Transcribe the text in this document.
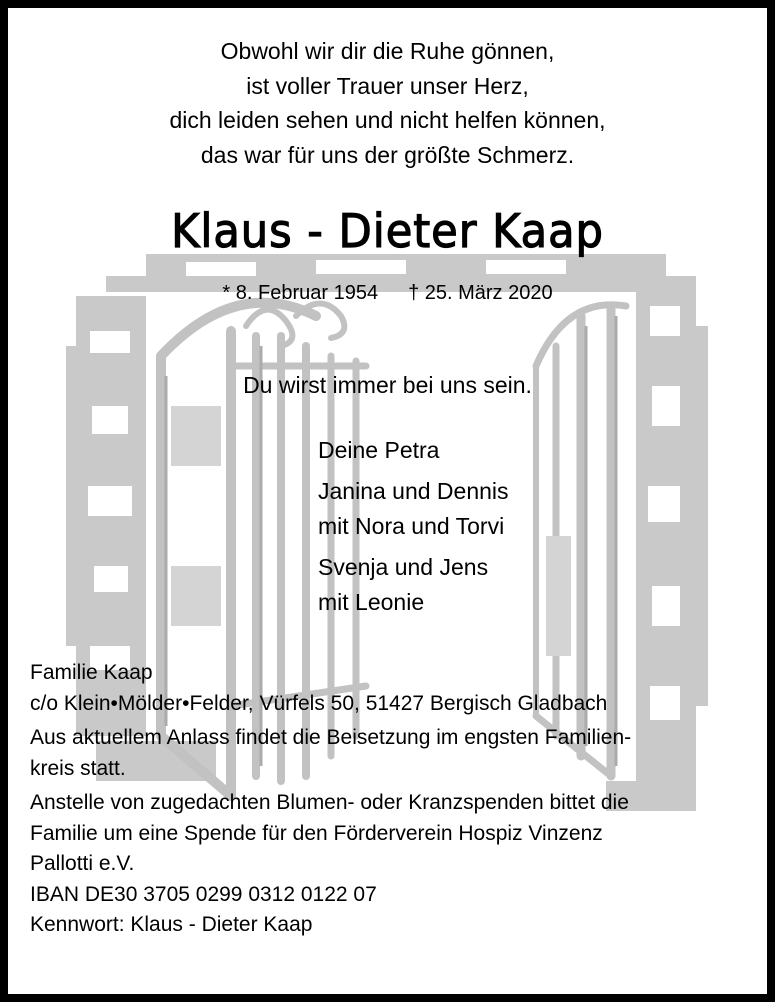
Obwohl wir dir die Ruhe gönnen,
ist voller Trauer unser Herz,
dich leiden sehen und nicht helfen können,
das war für uns der größte Schmerz.
Klaus - Dieter Kaap
* 8. Februar 1954 † 25. März 2020
Du wirst immer bei uns sein.
Deine Petra
Janina und Dennis
mit Nora und Torvi
Svenja und Jens
mit Leonie

Familie Kaap
c/o Klein•Mölder•Felder, Vürfels 50, 51427 Bergisch Gladbach

Aus aktuellem Anlass findet die Beisetzung im engsten Familien-
kreis statt.

Anstelle von zugedachten Blumen- oder Kranzspenden bittet die
Familie um eine Spende für den Förderverein Hospiz Vinzenz
Pallotti e.V.
IBAN DE30 3705 0299 0312 0122 07
Kennwort: Klaus - Dieter Kaap
